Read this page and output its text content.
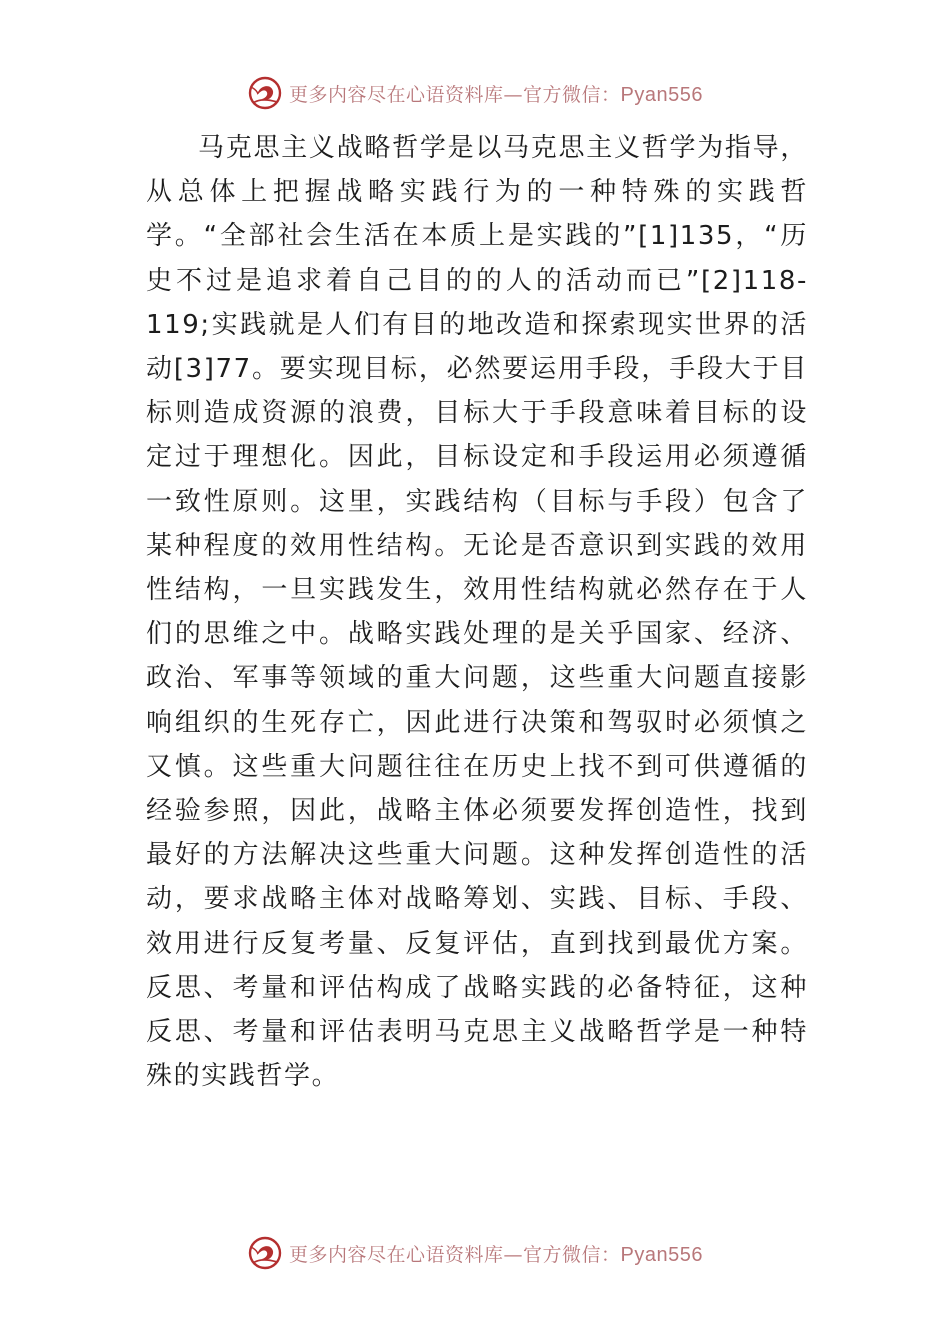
更多内容尽在心语资料库—官方微信：Pyan556

马克思主义战略哲学是以马克思主义哲学为指导，从总体上把握战略实践行为的一种特殊的实践哲学。“全部社会生活在本质上是实践的”[1]135，“历史不过是追求着自己目的的人的活动而已”[2]118-119;实践就是人们有目的地改造和探索现实世界的活动[3]77。要实现目标，必然要运用手段，手段大于目标则造成资源的浪费，目标大于手段意味着目标的设定过于理想化。因此，目标设定和手段运用必须遵循一致性原则。这里，实践结构（目标与手段）包含了某种程度的效用性结构。无论是否意识到实践的效用性结构，一旦实践发生，效用性结构就必然存在于人们的思维之中。战略实践处理的是关乎国家、经济、政治、军事等领域的重大问题，这些重大问题直接影响组织的生死存亡，因此进行决策和驾驭时必须慎之又慎。这些重大问题往往在历史上找不到可供遵循的经验参照，因此，战略主体必须要发挥创造性，找到最好的方法解决这些重大问题。这种发挥创造性的活动，要求战略主体对战略筹划、实践、目标、手段、效用进行反复考量、反复评估，直到找到最优方案。反思、考量和评估构成了战略实践的必备特征，这种反思、考量和评估表明马克思主义战略哲学是一种特殊的实践哲学。

更多内容尽在心语资料库—官方微信：Pyan556
